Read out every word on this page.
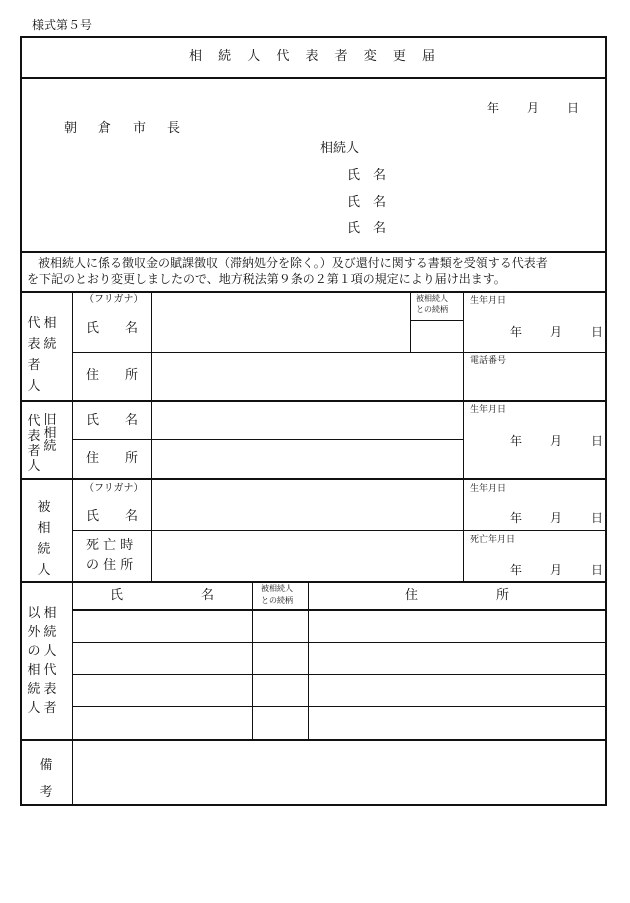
様式第５号
相 続 人 代 表 者 変 更 届
年 月 日
朝 倉 市 長
相続人
氏　名
氏　名
氏　名
被相続人に係る徴収金の賦課徴収（滞納処分を除く。）及び還付に関する書類を受領する代表者
を下記のとおり変更しましたので、地方税法第９条の２第１項の規定により届け出ます。
相続
代表者人
（フリガナ）
氏　　名
住　　所
被相続人
との続柄
生年月日
年 月 日
電話番号
旧相続
代表者人
氏　　名
住　　所
生年月日
年 月 日
被相続人
（フリガナ）
氏　　名
死 亡 時
の 住 所
生年月日
年 月 日
死亡年月日
年 月 日
相続人代表者
以外の相続人
氏　　　　　　名	被相続人
との続柄	住　　　　　　所
備考
